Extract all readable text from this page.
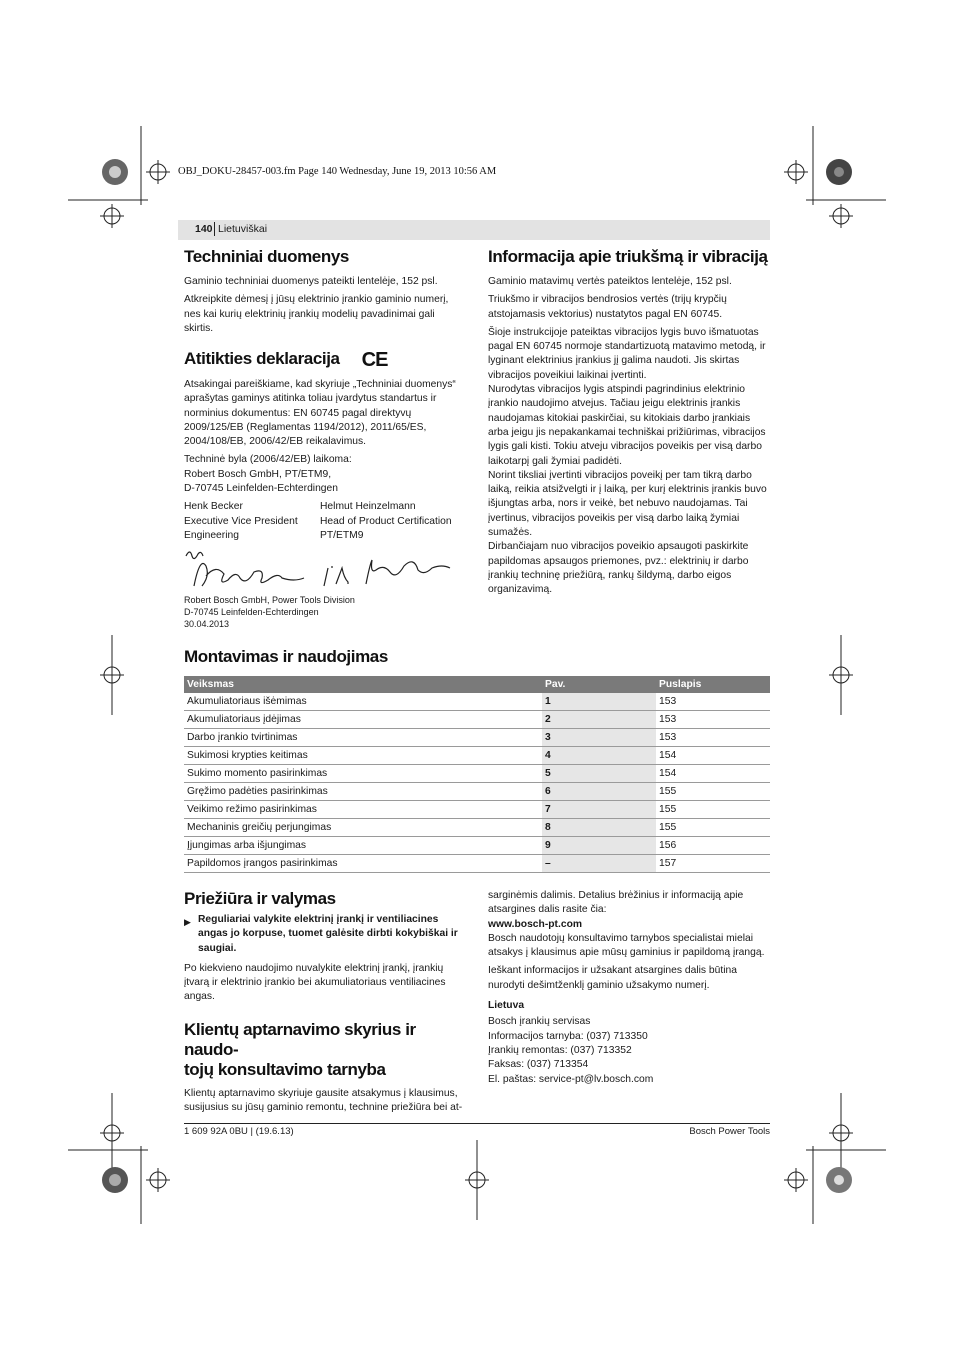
OBJ_DOKU-28457-003.fm Page 140 Wednesday, June 19, 2013 10:56 AM
140 Lietuviškai
Techniniai duomenys
Gaminio techniniai duomenys pateikti lentelėje, 152 psl.
Atkreipkite dėmesį į jūsų elektrinio įrankio gaminio numerį, nes kai kurių elektrinių įrankių modelių pavadinimai gali skirtis.
Atitikties deklaracija CE
Atsakingai pareiškiame, kad skyriuje „Techniniai duomenys“ aprašytas gaminys atitinka toliau įvardytus standartus ir norminius dokumentus: EN 60745 pagal direktyvų 2009/125/EB (Reglamentas 1194/2012), 2011/65/ES, 2004/108/EB, 2006/42/EB reikalavimus.
Techninė byla (2006/42/EB) laikoma:
Robert Bosch GmbH, PT/ETM9,
D-70745 Leinfelden-Echterdingen
Henk Becker
Executive Vice President
Engineering
Helmut Heinzelmann
Head of Product Certification
PT/ETM9
Robert Bosch GmbH, Power Tools Division
D-70745 Leinfelden-Echterdingen
30.04.2013
Informacija apie triukšmą ir vibraciją
Gaminio matavimų vertės pateiktos lentelėje, 152 psl.
Triukšmo ir vibracijos bendrosios vertės (trijų krypčių atstojamasis vektorius) nustatytos pagal EN 60745.
Šioje instrukcijoje pateiktas vibracijos lygis buvo išmatuotas pagal EN 60745 normoje standartizuotą matavimo metodą, ir lyginant elektrinius įrankius jį galima naudoti. Jis skirtas vibracijos poveikiui laikinai įvertinti.
Nurodytas vibracijos lygis atspindi pagrindinius elektrinio įrankio naudojimo atvejus. Tačiau jeigu elektrinis įrankis naudojamas kitokiai paskirčiai, su kitokiais darbo įrankiais arba jeigu jis nepakankamai techniškai prižiūrimas, vibracijos lygis gali kisti. Tokiu atveju vibracijos poveikis per visą darbo laikotarpį gali žymiai padidėti.
Norint tiksliai įvertinti vibracijos poveikį per tam tikrą darbo laiką, reikia atsižvelgti ir į laiką, per kurį elektrinis įrankis buvo išjungtas arba, nors ir veikė, bet nebuvo naudojamas. Tai įvertinus, vibracijos poveikis per visą darbo laiką žymiai sumažės.
Dirbančiajam nuo vibracijos poveikio apsaugoti paskirkite papildomas apsaugos priemones, pvz.: elektrinių ir darbo įrankių techninę priežiūrą, rankų šildymą, darbo eigos organizavimą.
Montavimas ir naudojimas
Veiksmas	Pav.	Puslapis
Akumuliatoriaus išėmimas	1	153
Akumuliatoriaus įdėjimas	2	153
Darbo įrankio tvirtinimas	3	153
Sukimosi krypties keitimas	4	154
Sukimo momento pasirinkimas	5	154
Gręžimo padėties pasirinkimas	6	155
Veikimo režimo pasirinkimas	7	155
Mechaninis greičių perjungimas	8	155
Įjungimas arba išjungimas	9	156
Papildomos įrangos pasirinkimas	–	157
Priežiūra ir valymas
▶ Reguliariai valykite elektrinį įrankį ir ventiliacines angas jo korpuse, tuomet galėsite dirbti kokybiškai ir saugiai.
Po kiekvieno naudojimo nuvalykite elektrinį įrankį, įrankių įtvarą ir elektrinio įrankio bei akumuliatoriaus ventiliacines angas.
Klientų aptarnavimo skyrius ir naudo-
tojų konsultavimo tarnyba
Klientų aptarnavimo skyriuje gausite atsakymus į klausimus, susijusius su jūsų gaminio remontu, technine priežiūra bei at-
sarginėmis dalimis. Detalius brėžinius ir informaciją apie atsargines dalis rasite čia:
www.bosch-pt.com
Bosch naudotojų konsultavimo tarnybos specialistai mielai atsakys į klausimus apie mūsų gaminius ir papildomą įrangą.
Ieškant informacijos ir užsakant atsargines dalis būtina nurodyti dešimtženklį gaminio užsakymo numerį.
Lietuva
Bosch įrankių servisas
Informacijos tarnyba: (037) 713350
Įrankių remontas: (037) 713352
Faksas: (037) 713354
El. paštas: service-pt@lv.bosch.com
1 609 92A 0BU | (19.6.13)	Bosch Power Tools
